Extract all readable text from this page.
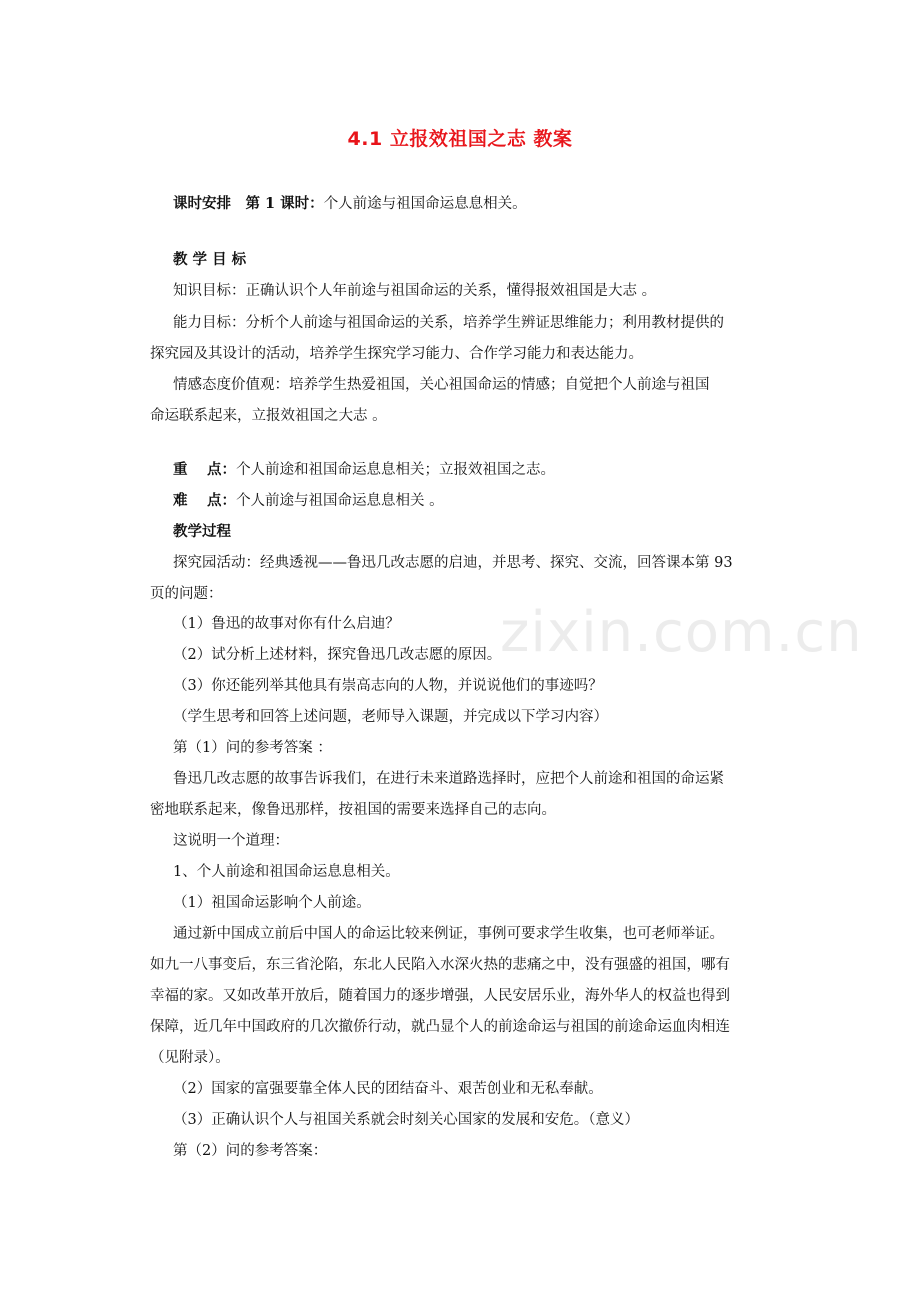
4.1 立报效祖国之志 教案
课时安排　第 1 课时：个人前途与祖国命运息息相关。
教 学 目 标
知识目标：正确认识个人年前途与祖国命运的关系，懂得报效祖国是大志 。
能力目标：分析个人前途与祖国命运的关系，培养学生辨证思维能力；利用教材提供的
探究园及其设计的活动，培养学生探究学习能力、合作学习能力和表达能力。
情感态度价值观：培养学生热爱祖国，关心祖国命运的情感；自觉把个人前途与祖国
命运联系起来，立报效祖国之大志 。
重　 点：个人前途和祖国命运息息相关；立报效祖国之志。
难　 点：个人前途与祖国命运息息相关 。
教学过程
探究园活动：经典透视——鲁迅几改志愿的启迪，并思考、探究、交流，回答课本第 93
页的问题：
（1）鲁迅的故事对你有什么启迪？
（2）试分析上述材料，探究鲁迅几改志愿的原因。
（3）你还能列举其他具有崇高志向的人物，并说说他们的事迹吗？
（学生思考和回答上述问题，老师导入课题，并完成以下学习内容）
第（1）问的参考答案 ：
鲁迅几改志愿的故事告诉我们，在进行未来道路选择时，应把个人前途和祖国的命运紧
密地联系起来，像鲁迅那样，按祖国的需要来选择自己的志向。
这说明一个道理：
1、个人前途和祖国命运息息相关。
（1）祖国命运影响个人前途。
通过新中国成立前后中国人的命运比较来例证，事例可要求学生收集，也可老师举证。
如九一八事变后，东三省沦陷，东北人民陷入水深火热的悲痛之中，没有强盛的祖国，哪有
幸福的家。又如改革开放后，随着国力的逐步增强，人民安居乐业，海外华人的权益也得到
保障，近几年中国政府的几次撤侨行动，就凸显个人的前途命运与祖国的前途命运血肉相连
（见附录）。
（2）国家的富强要靠全体人民的团结奋斗、艰苦创业和无私奉献。
（3）正确认识个人与祖国关系就会时刻关心国家的发展和安危。（意义）
第（2）问的参考答案：
zixin.com.cn
